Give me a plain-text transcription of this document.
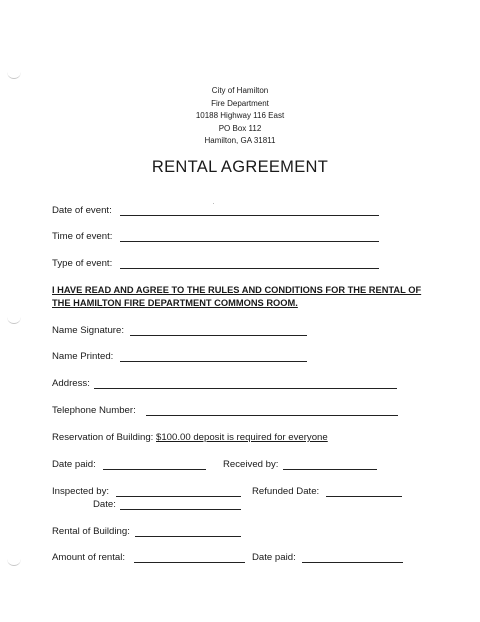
City of Hamilton
Fire Department
10188 Highway 116 East
PO Box 112
Hamilton, GA 31811
RENTAL AGREEMENT
Date of event:
Time of event:
Type of event:
I HAVE READ AND AGREE TO THE RULES AND CONDITIONS FOR THE RENTAL OF
THE HAMILTON FIRE DEPARTMENT COMMONS ROOM.
Name Signature:
Name Printed:
Address:
Telephone Number:
Reservation of Building: $100.00 deposit is required for everyone
Date paid:	Received by:
Inspected by:	Refunded Date:
Date:
Rental of Building:
Amount of rental:	Date paid:
